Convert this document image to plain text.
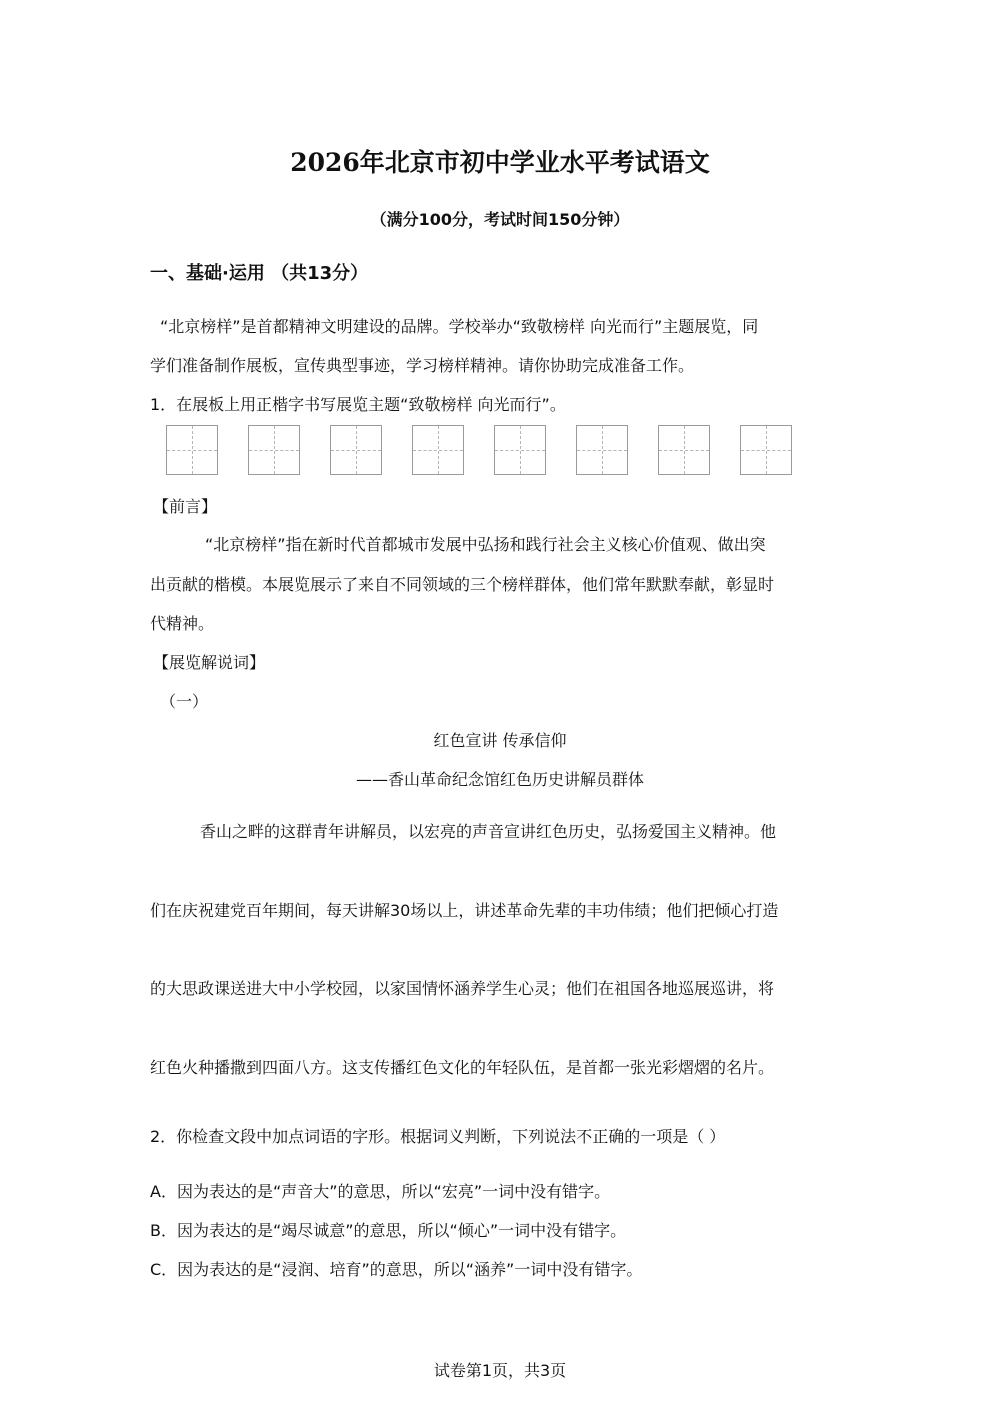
2026年北京市初中学业水平考试语文
（满分100分，考试时间150分钟）
一、基础·运用 （共13分）
“北京榜样”是首都精神文明建设的品牌。学校举办“致敬榜样 向光而行”主题展览，同
学们准备制作展板，宣传典型事迹，学习榜样精神。请你协助完成准备工作。
1．在展板上用正楷字书写展览主题“致敬榜样 向光而行”。
【前言】
“北京榜样”指在新时代首都城市发展中弘扬和践行社会主义核心价值观、做出突
出贡献的楷模。本展览展示了来自不同领域的三个榜样群体，他们常年默默奉献，彰显时
代精神。
【展览解说词】
（一）
红色宣讲 传承信仰
——香山革命纪念馆红色历史讲解员群体
香山之畔的这群青年讲解员，以宏亮的声音宣讲红色历史，弘扬爱国主义精神。他
们在庆祝建党百年期间，每天讲解30场以上，讲述革命先辈的丰功伟绩；他们把倾心打造
的大思政课送进大中小学校园，以家国情怀涵养学生心灵；他们在祖国各地巡展巡讲，将
红色火种播撒到四面八方。这支传播红色文化的年轻队伍，是首都一张光彩熠熠的名片。
2．你检查文段中加点词语的字形。根据词义判断，下列说法不正确的一项是（ ）
A．因为表达的是“声音大”的意思，所以“宏亮”一词中没有错字。
B．因为表达的是“竭尽诚意”的意思，所以“倾心”一词中没有错字。
C．因为表达的是“浸润、培育”的意思，所以“涵养”一词中没有错字。
试卷第1页，共3页
